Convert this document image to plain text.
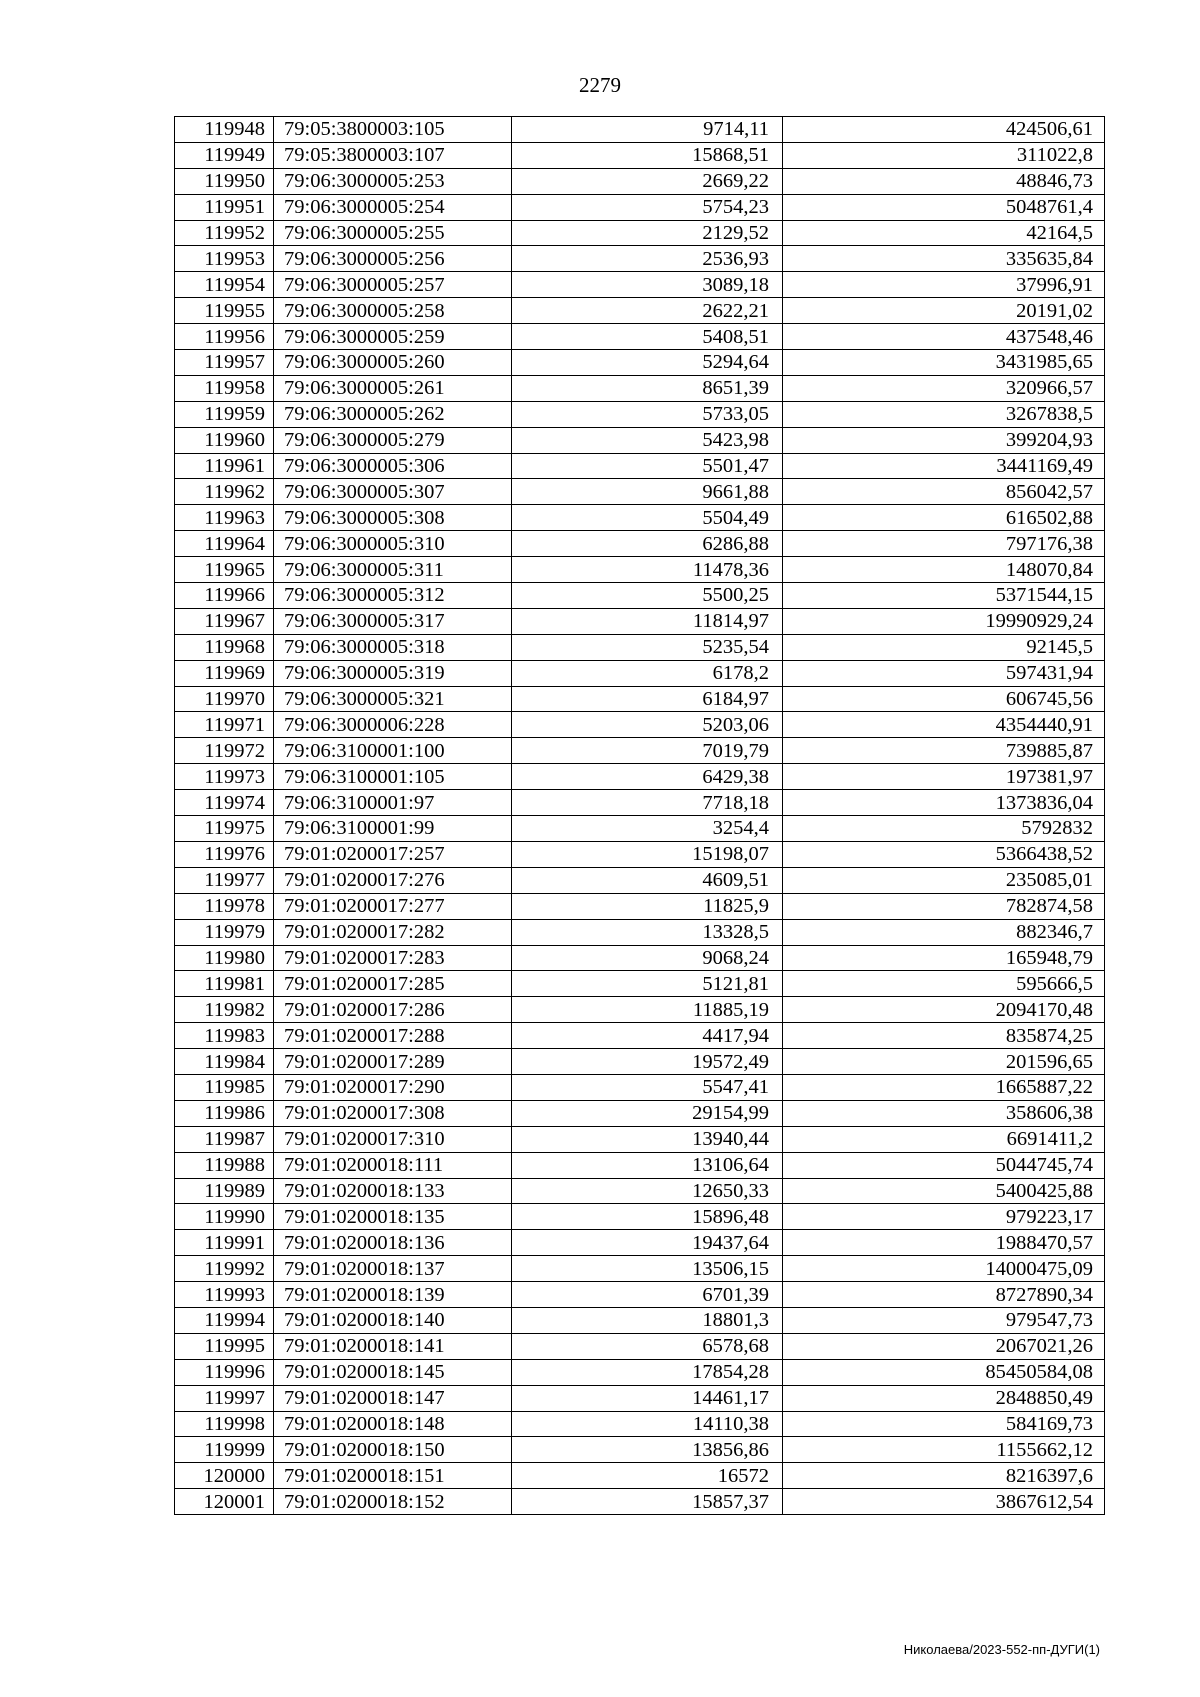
2279
119948	79:05:3800003:105	9714,11	424506,61
119949	79:05:3800003:107	15868,51	311022,8
119950	79:06:3000005:253	2669,22	48846,73
119951	79:06:3000005:254	5754,23	5048761,4
119952	79:06:3000005:255	2129,52	42164,5
119953	79:06:3000005:256	2536,93	335635,84
119954	79:06:3000005:257	3089,18	37996,91
119955	79:06:3000005:258	2622,21	20191,02
119956	79:06:3000005:259	5408,51	437548,46
119957	79:06:3000005:260	5294,64	3431985,65
119958	79:06:3000005:261	8651,39	320966,57
119959	79:06:3000005:262	5733,05	3267838,5
119960	79:06:3000005:279	5423,98	399204,93
119961	79:06:3000005:306	5501,47	3441169,49
119962	79:06:3000005:307	9661,88	856042,57
119963	79:06:3000005:308	5504,49	616502,88
119964	79:06:3000005:310	6286,88	797176,38
119965	79:06:3000005:311	11478,36	148070,84
119966	79:06:3000005:312	5500,25	5371544,15
119967	79:06:3000005:317	11814,97	19990929,24
119968	79:06:3000005:318	5235,54	92145,5
119969	79:06:3000005:319	6178,2	597431,94
119970	79:06:3000005:321	6184,97	606745,56
119971	79:06:3000006:228	5203,06	4354440,91
119972	79:06:3100001:100	7019,79	739885,87
119973	79:06:3100001:105	6429,38	197381,97
119974	79:06:3100001:97	7718,18	1373836,04
119975	79:06:3100001:99	3254,4	5792832
119976	79:01:0200017:257	15198,07	5366438,52
119977	79:01:0200017:276	4609,51	235085,01
119978	79:01:0200017:277	11825,9	782874,58
119979	79:01:0200017:282	13328,5	882346,7
119980	79:01:0200017:283	9068,24	165948,79
119981	79:01:0200017:285	5121,81	595666,5
119982	79:01:0200017:286	11885,19	2094170,48
119983	79:01:0200017:288	4417,94	835874,25
119984	79:01:0200017:289	19572,49	201596,65
119985	79:01:0200017:290	5547,41	1665887,22
119986	79:01:0200017:308	29154,99	358606,38
119987	79:01:0200017:310	13940,44	6691411,2
119988	79:01:0200018:111	13106,64	5044745,74
119989	79:01:0200018:133	12650,33	5400425,88
119990	79:01:0200018:135	15896,48	979223,17
119991	79:01:0200018:136	19437,64	1988470,57
119992	79:01:0200018:137	13506,15	14000475,09
119993	79:01:0200018:139	6701,39	8727890,34
119994	79:01:0200018:140	18801,3	979547,73
119995	79:01:0200018:141	6578,68	2067021,26
119996	79:01:0200018:145	17854,28	85450584,08
119997	79:01:0200018:147	14461,17	2848850,49
119998	79:01:0200018:148	14110,38	584169,73
119999	79:01:0200018:150	13856,86	1155662,12
120000	79:01:0200018:151	16572	8216397,6
120001	79:01:0200018:152	15857,37	3867612,54
Николаева/2023-552-пп-ДУГИ(1)
